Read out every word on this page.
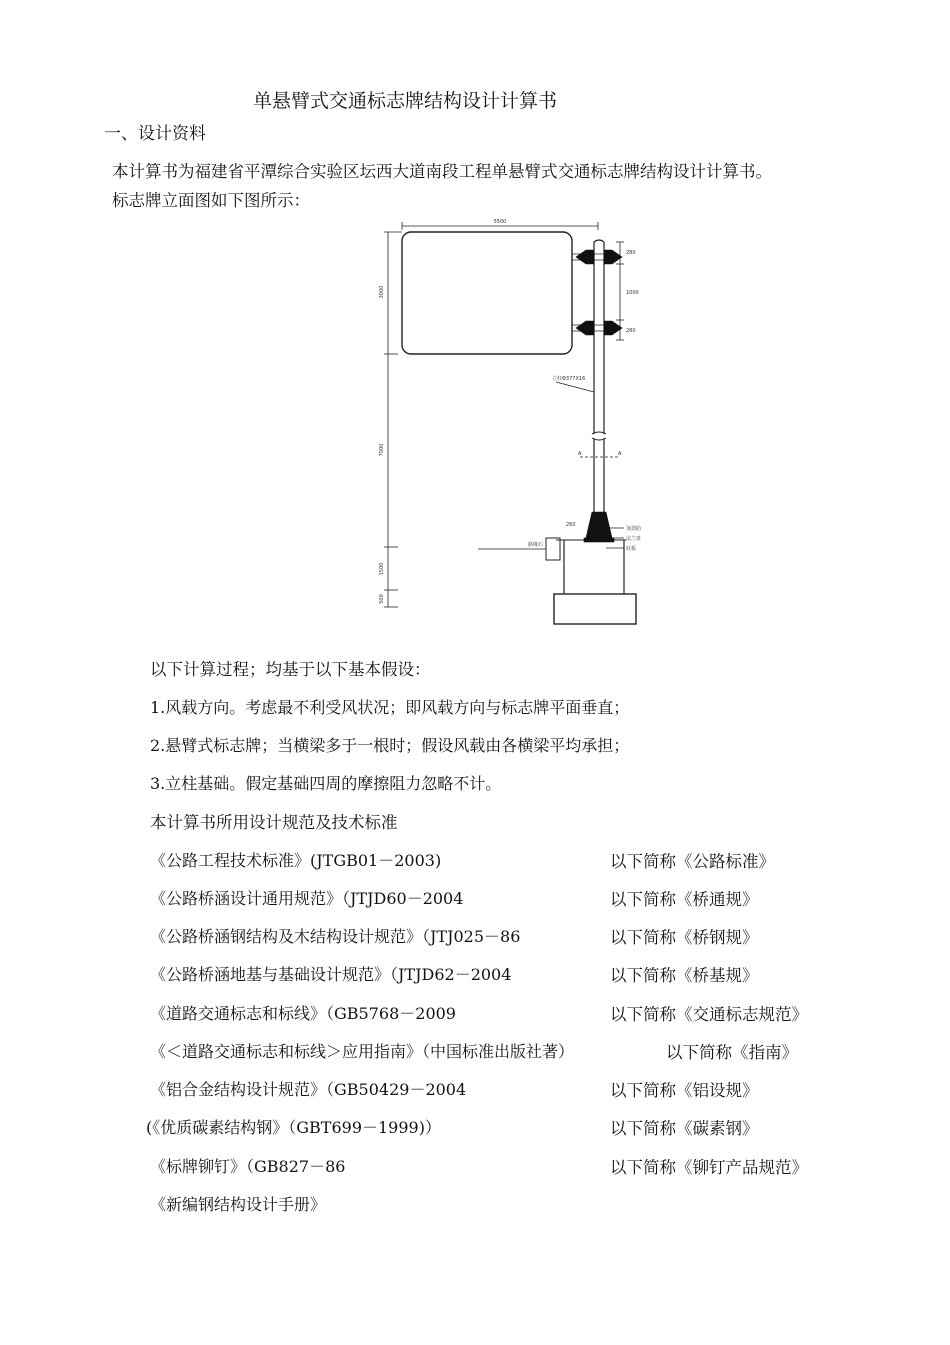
单悬臂式交通标志牌结构设计计算书
一、设计资料
本计算书为福建省平潭综合实验区坛西大道南段工程单悬臂式交通标志牌结构设计计算书。
标志牌立面图如下图所示：
5500
3000
7000
1500
500
280
1000
280
立柱Φ377X16
A	A
路缘石
260
加劲肋
法兰盘
底板
以下计算过程；均基于以下基本假设：
1.风载方向。考虑最不利受风状况；即风载方向与标志牌平面垂直；
2.悬臂式标志牌；当横梁多于一根时；假设风载由各横梁平均承担；
3.立柱基础。假定基础四周的摩擦阻力忽略不计。
本计算书所用设计规范及技术标准
《公路工程技术标准》(JTGB01－2003)	以下简称《公路标准》
《公路桥涵设计通用规范》（JTJD60－2004	以下简称《桥通规》
《公路桥涵钢结构及木结构设计规范》（JTJ025－86	以下简称《桥钢规》
《公路桥涵地基与基础设计规范》（JTJD62－2004	以下简称《桥基规》
《道路交通标志和标线》（GB5768－2009	以下简称《交通标志规范》
《＜道路交通标志和标线＞应用指南》（中国标准出版社著）	以下简称《指南》
《铝合金结构设计规范》（GB50429－2004	以下简称《铝设规》
(《优质碳素结构钢》（GBT699－1999)）	以下简称《碳素钢》
《标牌铆钉》（GB827－86	以下简称《铆钉产品规范》
《新编钢结构设计手册》
